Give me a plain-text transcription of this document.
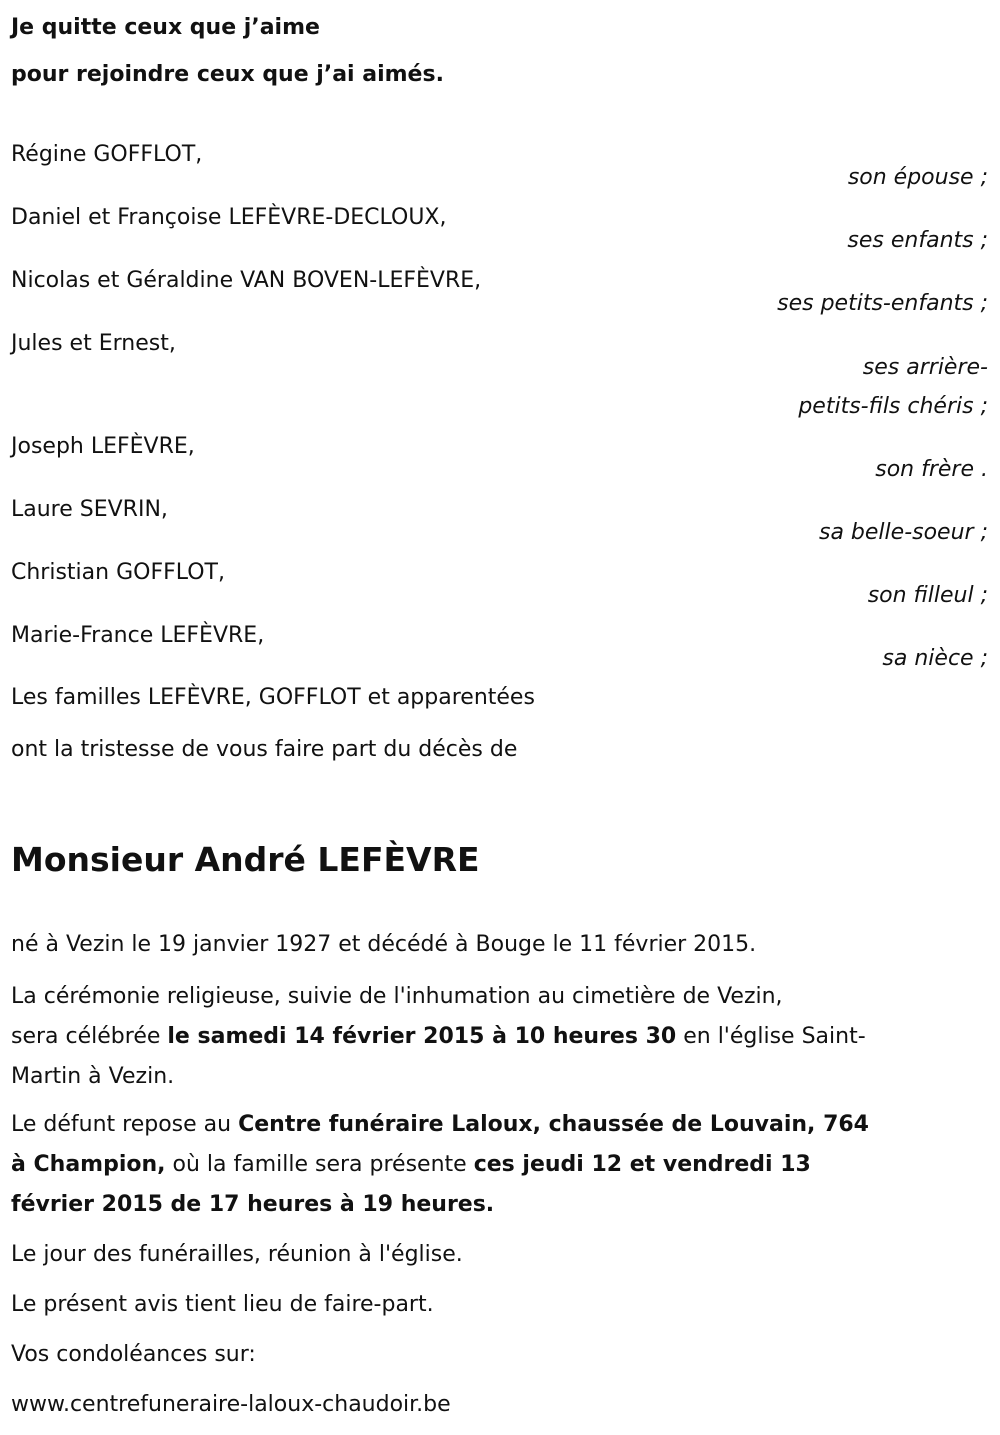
Je quitte ceux que j’aime
pour rejoindre ceux que j’ai aimés.
Régine GOFFLOT,
son épouse ;
Daniel et Françoise LEFÈVRE-DECLOUX,
ses enfants ;
Nicolas et Géraldine VAN BOVEN-LEFÈVRE,
ses petits-enfants ;
Jules et Ernest,
ses arrière-
petits-fils chéris ;
Joseph LEFÈVRE,
son frère .
Laure SEVRIN,
sa belle-soeur ;
Christian GOFFLOT,
son filleul ;
Marie-France LEFÈVRE,
sa nièce ;
Les familles LEFÈVRE, GOFFLOT et apparentées
ont la tristesse de vous faire part du décès de
Monsieur André LEFÈVRE
né à Vezin le 19 janvier 1927 et décédé à Bouge le 11 février 2015.
La cérémonie religieuse, suivie de l'inhumation au cimetière de Vezin,
sera célébrée le samedi 14 février 2015 à 10 heures 30 en l'église Saint-
Martin à Vezin.
Le défunt repose au Centre funéraire Laloux, chaussée de Louvain, 764
à Champion, où la famille sera présente ces jeudi 12 et vendredi 13
février 2015 de 17 heures à 19 heures.
Le jour des funérailles, réunion à l'église.
Le présent avis tient lieu de faire-part.
Vos condoléances sur:
www.centrefuneraire-laloux-chaudoir.be
